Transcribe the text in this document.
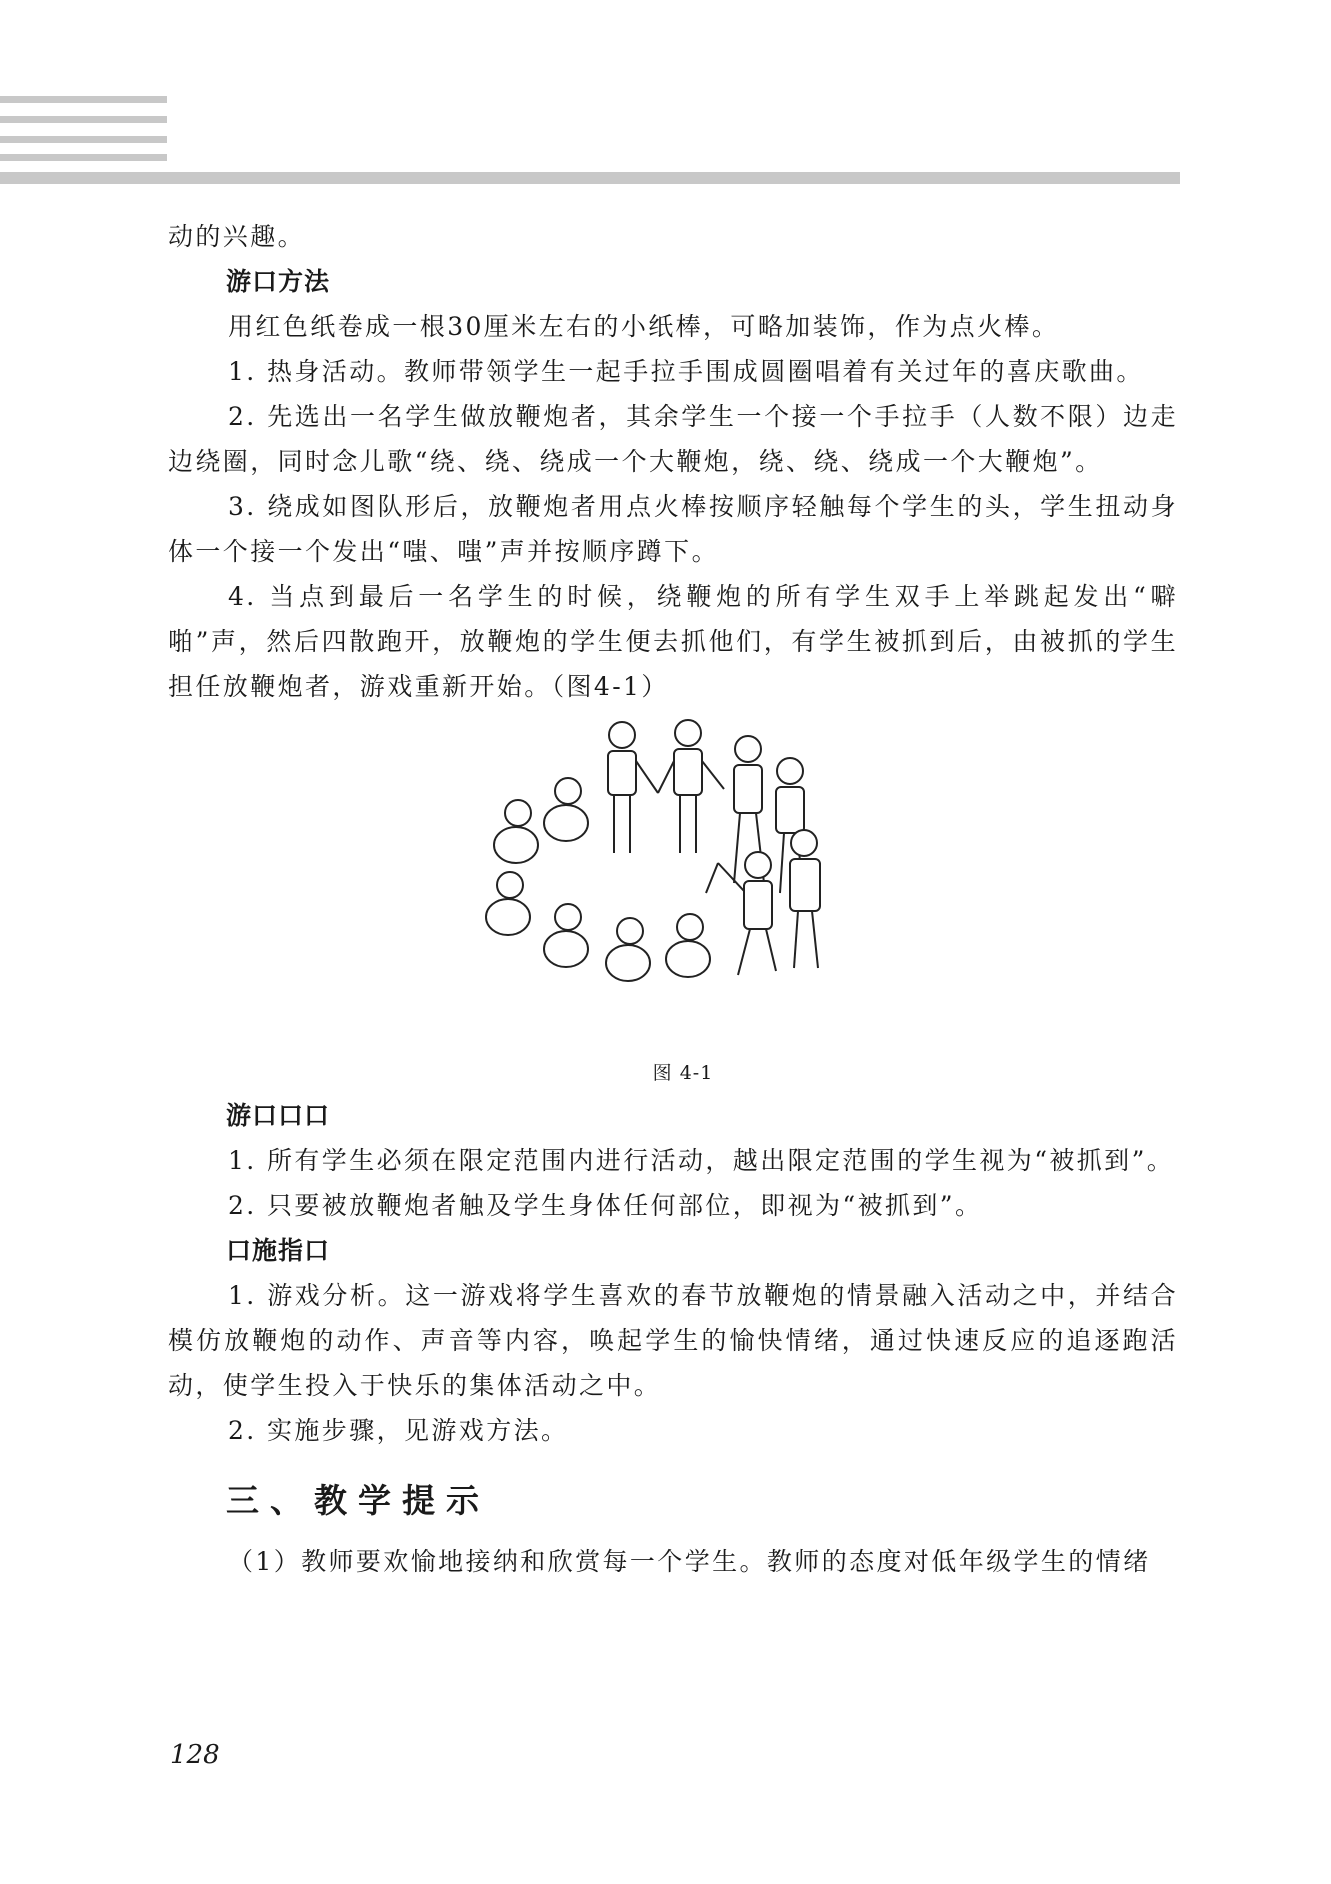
动的兴趣。

游口方法

用红色纸卷成一根30厘米左右的小纸棒，可略加装饰，作为点火棒。

1. 热身活动。教师带领学生一起手拉手围成圆圈唱着有关过年的喜庆歌曲。

2. 先选出一名学生做放鞭炮者，其余学生一个接一个手拉手（人数不限）边走边绕圈，同时念儿歌“绕、绕、绕成一个大鞭炮，绕、绕、绕成一个大鞭炮”。

3. 绕成如图队形后，放鞭炮者用点火棒按顺序轻触每个学生的头，学生扭动身体一个接一个发出“嗤、嗤”声并按顺序蹲下。

4. 当点到最后一名学生的时候，绕鞭炮的所有学生双手上举跳起发出“噼啪”声，然后四散跑开，放鞭炮的学生便去抓他们，有学生被抓到后，由被抓的学生担任放鞭炮者，游戏重新开始。（图4-1）

图 4-1

游口口口

1. 所有学生必须在限定范围内进行活动，越出限定范围的学生视为“被抓到”。

2. 只要被放鞭炮者触及学生身体任何部位，即视为“被抓到”。

口施指口

1. 游戏分析。这一游戏将学生喜欢的春节放鞭炮的情景融入活动之中，并结合模仿放鞭炮的动作、声音等内容，唤起学生的愉快情绪，通过快速反应的追逐跑活动，使学生投入于快乐的集体活动之中。

2. 实施步骤，见游戏方法。

三、教学提示

（1）教师要欢愉地接纳和欣赏每一个学生。教师的态度对低年级学生的情绪

128
